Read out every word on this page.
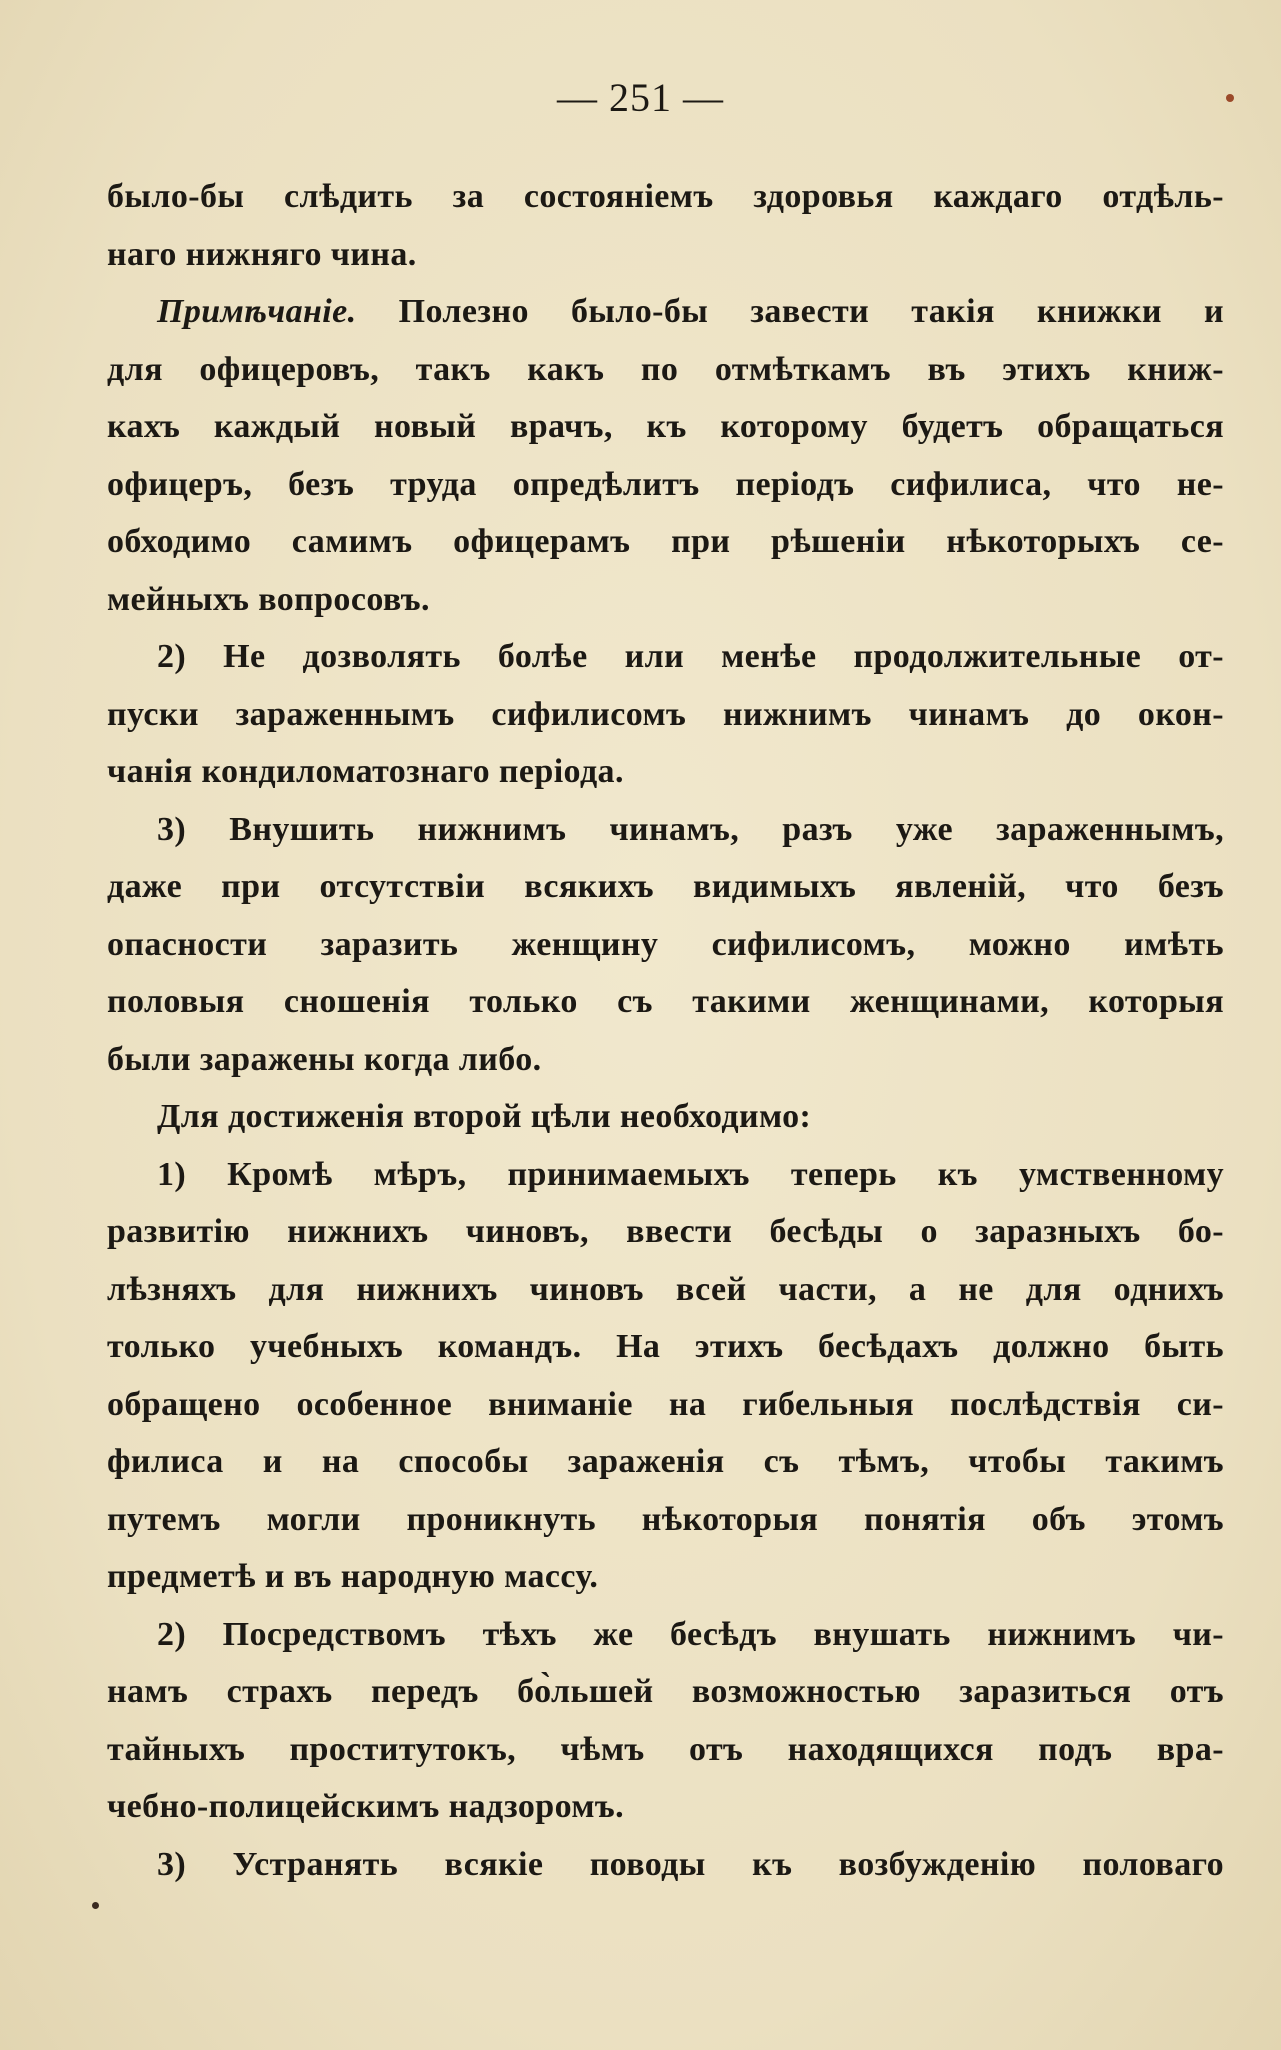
— 251 —
было-бы слѣдить за состояніемъ здоровья каждаго отдѣль-
наго нижняго чина.
Примѣчаніе. Полезно было-бы завести такія книжки и
для офицеровъ, такъ какъ по отмѣткамъ въ этихъ книж-
кахъ каждый новый врачъ, къ которому будетъ обращаться
офицеръ, безъ труда опредѣлитъ періодъ сифилиса, что не-
обходимо самимъ офицерамъ при рѣшеніи нѣкоторыхъ се-
мейныхъ вопросовъ.
2) Не дозволять болѣе или менѣе продолжительные от-
пуски зараженнымъ сифилисомъ нижнимъ чинамъ до окон-
чанія кондиломатознаго періода.
3) Внушить нижнимъ чинамъ, разъ уже зараженнымъ,
даже при отсутствіи всякихъ видимыхъ явленій, что безъ
опасности заразить женщину сифилисомъ, можно имѣть
половыя сношенія только съ такими женщинами, которыя
были заражены когда либо.
Для достиженія второй цѣли необходимо:
1) Кромѣ мѣръ, принимаемыхъ теперь къ умственному
развитію нижнихъ чиновъ, ввести бесѣды о заразныхъ бо-
лѣзняхъ для нижнихъ чиновъ всей части, а не для однихъ
только учебныхъ командъ. На этихъ бесѣдахъ должно быть
обращено особенное вниманіе на гибельныя послѣдствія си-
филиса и на способы зараженія съ тѣмъ, чтобы такимъ
путемъ могли проникнуть нѣкоторыя понятія объ этомъ
предметѣ и въ народную массу.
2) Посредствомъ тѣхъ же бесѣдъ внушать нижнимъ чи-
намъ страхъ передъ бо̀льшей возможностью заразиться отъ
тайныхъ проститутокъ, чѣмъ отъ находящихся подъ вра-
чебно-полицейскимъ надзоромъ.
3) Устранять всякіе поводы къ возбужденію половаго
